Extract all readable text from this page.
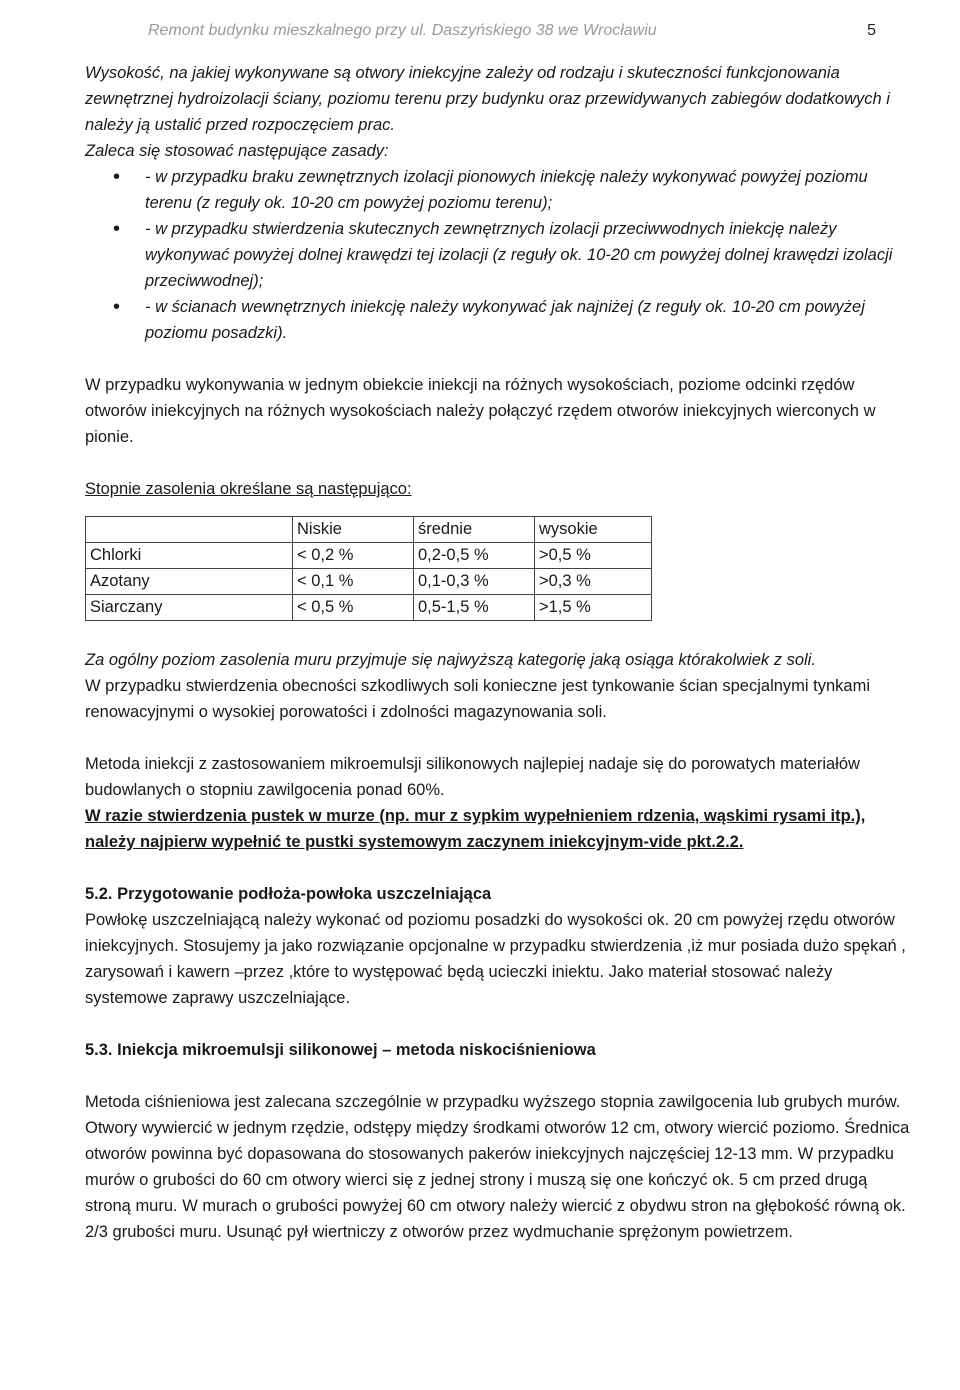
Remont budynku mieszkalnego przy ul. Daszyńskiego 38 we Wrocławiu	5

Wysokość, na jakiej wykonywane są otwory iniekcyjne zależy od rodzaju i skuteczności funkcjonowania zewnętrznej hydroizolacji ściany, poziomu terenu przy budynku oraz przewidywanych zabiegów dodatkowych i należy ją ustalić przed rozpoczęciem prac.

Zaleca się stosować następujące zasady:

• - w przypadku braku zewnętrznych izolacji pionowych iniekcję należy wykonywać powyżej poziomu terenu (z reguły ok. 10-20 cm powyżej poziomu terenu);
• - w przypadku stwierdzenia skutecznych zewnętrznych izolacji przeciwwodnych iniekcję należy wykonywać powyżej dolnej krawędzi tej izolacji (z reguły ok. 10-20 cm powyżej dolnej krawędzi izolacji przeciwwodnej);
• - w ścianach wewnętrznych iniekcję należy wykonywać jak najniżej (z reguły ok. 10-20 cm powyżej poziomu posadzki).

W przypadku wykonywania w jednym obiekcie iniekcji na różnych wysokościach, poziome odcinki rzędów otworów iniekcyjnych na różnych wysokościach należy połączyć rzędem otworów iniekcyjnych wierconych w pionie.

Stopnie zasolenia określane są następująco:

	Niskie	średnie	wysokie
Chlorki	< 0,2 %	0,2-0,5 %	>0,5 %
Azotany	< 0,1 %	0,1-0,3 %	>0,3 %
Siarczany	< 0,5 %	0,5-1,5 %	>1,5 %

Za ogólny poziom zasolenia muru przyjmuje się najwyższą kategorię jaką osiąga którakolwiek z soli.

W przypadku stwierdzenia obecności szkodliwych soli konieczne jest tynkowanie ścian specjalnymi tynkami renowacyjnymi o wysokiej porowatości i zdolności magazynowania soli.

Metoda iniekcji z zastosowaniem mikroemulsji silikonowych najlepiej nadaje się do porowatych materiałów budowlanych o stopniu zawilgocenia ponad 60%.

W razie stwierdzenia pustek w murze (np. mur z sypkim wypełnieniem rdzenia, wąskimi rysami itp.), należy najpierw wypełnić te pustki systemowym zaczynem iniekcyjnym-vide pkt.2.2.

5.2. Przygotowanie podłoża-powłoka uszczelniająca

Powłokę uszczelniającą należy wykonać od poziomu posadzki do wysokości ok. 20 cm powyżej rzędu otworów iniekcyjnych. Stosujemy ja jako rozwiązanie opcjonalne w przypadku stwierdzenia ,iż mur posiada dużo spękań , zarysowań i kawern –przez ,które to występować będą ucieczki iniektu. Jako materiał stosować należy systemowe zaprawy uszczelniające.

5.3. Iniekcja mikroemulsji silikonowej – metoda niskociśnieniowa

Metoda ciśnieniowa jest zalecana szczególnie w przypadku wyższego stopnia zawilgocenia lub grubych murów.

Otwory wywiercić w jednym rzędzie, odstępy między środkami otworów 12 cm, otwory wiercić poziomo. Średnica otworów powinna być dopasowana do stosowanych pakerów iniekcyjnych najczęściej 12-13 mm. W przypadku murów o grubości do 60 cm otwory wierci się z jednej strony i muszą się one kończyć ok. 5 cm przed drugą stroną muru. W murach o grubości powyżej 60 cm otwory należy wiercić z obydwu stron na głębokość równą ok. 2/3 grubości muru. Usunąć pył wiertniczy z otworów przez wydmuchanie sprężonym powietrzem.
